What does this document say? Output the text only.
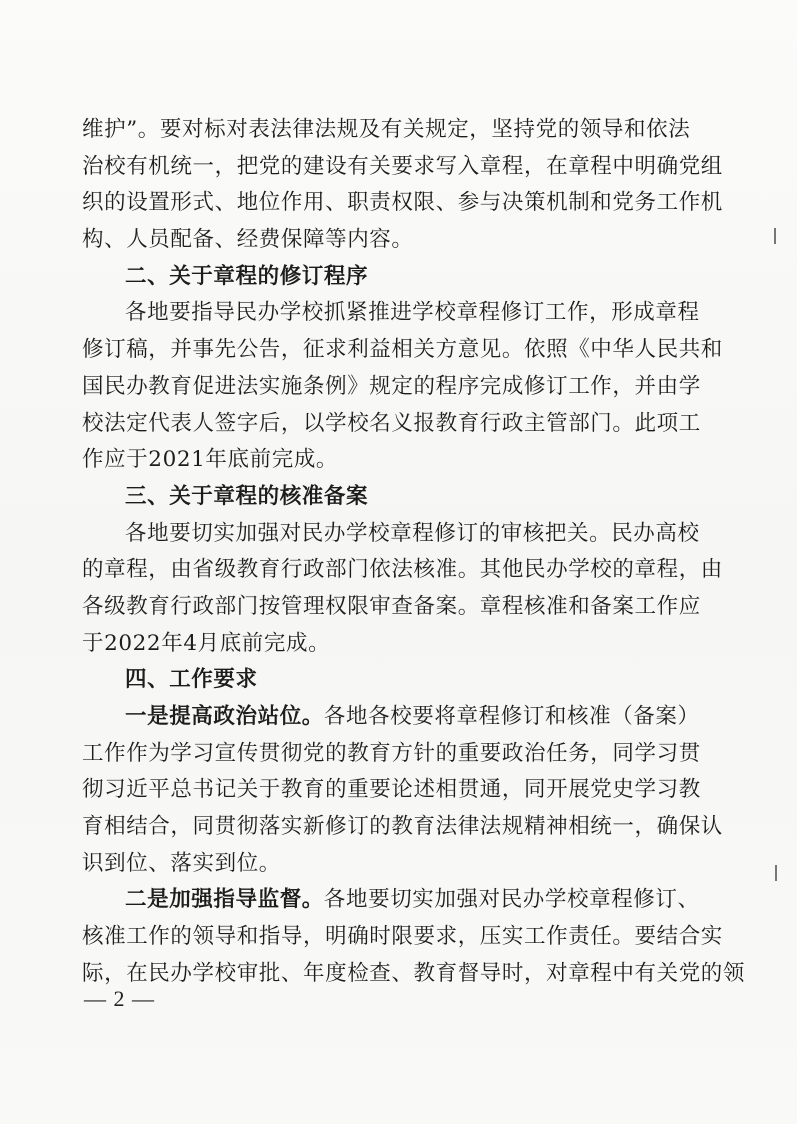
维护”。要对标对表法律法规及有关规定，坚持党的领导和依法
治校有机统一，把党的建设有关要求写入章程，在章程中明确党组
织的设置形式、地位作用、职责权限、参与决策机制和党务工作机
构、人员配备、经费保障等内容。
二、关于章程的修订程序
各地要指导民办学校抓紧推进学校章程修订工作，形成章程
修订稿，并事先公告，征求利益相关方意见。依照《中华人民共和
国民办教育促进法实施条例》规定的程序完成修订工作，并由学
校法定代表人签字后，以学校名义报教育行政主管部门。此项工
作应于2021年底前完成。
三、关于章程的核准备案
各地要切实加强对民办学校章程修订的审核把关。民办高校
的章程，由省级教育行政部门依法核准。其他民办学校的章程，由
各级教育行政部门按管理权限审查备案。章程核准和备案工作应
于2022年4月底前完成。
四、工作要求
一是提高政治站位。各地各校要将章程修订和核准（备案）
工作作为学习宣传贯彻党的教育方针的重要政治任务，同学习贯
彻习近平总书记关于教育的重要论述相贯通，同开展党史学习教
育相结合，同贯彻落实新修订的教育法律法规精神相统一，确保认
识到位、落实到位。
二是加强指导监督。各地要切实加强对民办学校章程修订、
核准工作的领导和指导，明确时限要求，压实工作责任。要结合实
际，在民办学校审批、年度检查、教育督导时，对章程中有关党的领
— 2 —
